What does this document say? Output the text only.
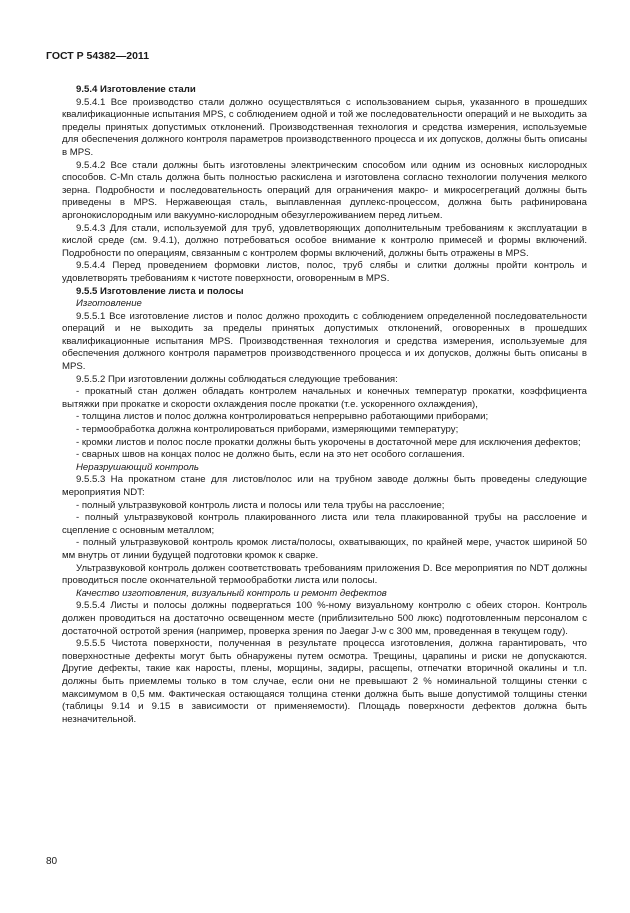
ГОСТ Р 54382—2011

9.5.4 Изготовление стали

9.5.4.1 Все производство стали должно осуществляться с использованием сырья, указанного в прошедших квалификационные испытания MPS, с соблюдением одной и той же последовательности операций и не выходить за пределы принятых допустимых отклонений. Производственная технология и средства измерения, используемые для обеспечения должного контроля параметров производственного процесса и их допусков, должны быть описаны в MPS.

9.5.4.2 Все стали должны быть изготовлены электрическим способом или одним из основных кислородных способов. C-Mn сталь должна быть полностью раскислена и изготовлена согласно технологии получения мелкого зерна. Подробности и последовательность операций для ограничения макро- и микросегрегаций должны быть приведены в MPS. Нержавеющая сталь, выплавленная дуплекс-процессом, должна быть рафинирована аргонокислородным или вакуумно-кислородным обезуглероживанием перед литьем.

9.5.4.3 Для стали, используемой для труб, удовлетворяющих дополнительным требованиям к эксплуатации в кислой среде (см. 9.4.1), должно потребоваться особое внимание к контролю примесей и формы включений. Подробности по операциям, связанным с контролем формы включений, должны быть отражены в MPS.

9.5.4.4 Перед проведением формовки листов, полос, труб слябы и слитки должны пройти контроль и удовлетворять требованиям к чистоте поверхности, оговоренным в MPS.

9.5.5 Изготовление листа и полосы

Изготовление

9.5.5.1 Все изготовление листов и полос должно проходить с соблюдением определенной последовательности операций и не выходить за пределы принятых допустимых отклонений, оговоренных в прошедших квалификационные испытания MPS. Производственная технология и средства измерения, используемые для обеспечения должного контроля параметров производственного процесса и их допусков, должны быть описаны в MPS.

9.5.5.2 При изготовлении должны соблюдаться следующие требования:

- прокатный стан должен обладать контролем начальных и конечных температур прокатки, коэффициента вытяжки при прокатке и скорости охлаждения после прокатки (т.е. ускоренного охлаждения),

- толщина листов и полос должна контролироваться непрерывно работающими приборами;

- термообработка должна контролироваться приборами, измеряющими температуру;

- кромки листов и полос после прокатки должны быть укорочены в достаточной мере для исключения дефектов;

- сварных швов на концах полос не должно быть, если на это нет особого соглашения.

Неразрушающий контроль

9.5.5.3 На прокатном стане для листов/полос или на трубном заводе должны быть проведены следующие мероприятия NDT:

- полный ультразвуковой контроль листа и полосы или тела трубы на расслоение;

- полный ультразвуковой контроль плакированного листа или тела плакированной трубы на расслоение и сцепление с основным металлом;

- полный ультразвуковой контроль кромок листа/полосы, охватывающих, по крайней мере, участок шириной 50 мм внутрь от линии будущей подготовки кромок к сварке.

Ультразвуковой контроль должен соответствовать требованиям приложения D. Все мероприятия по NDT должны проводиться после окончательной термообработки листа или полосы.

Качество изготовления, визуальный контроль и ремонт дефектов

9.5.5.4 Листы и полосы должны подвергаться 100 %-ному визуальному контролю с обеих сторон. Контроль должен проводиться на достаточно освещенном месте (приблизительно 500 люкс) подготовленным персоналом с достаточной остротой зрения (например, проверка зрения по Jaegar J-w с 300 мм, проведенная в текущем году).

9.5.5.5 Чистота поверхности, полученная в результате процесса изготовления, должна гарантировать, что поверхностные дефекты могут быть обнаружены путем осмотра. Трещины, царапины и риски не допускаются. Другие дефекты, такие как наросты, плены, морщины, задиры, расщепы, отпечатки вторичной окалины и т.п. должны быть приемлемы только в том случае, если они не превышают 2 % номинальной толщины стенки с максимумом в 0,5 мм. Фактическая остающаяся толщина стенки должна быть выше допустимой толщины стенки (таблицы 9.14 и 9.15 в зависимости от применяемости). Площадь поверхности дефектов должна быть незначительной.

80
